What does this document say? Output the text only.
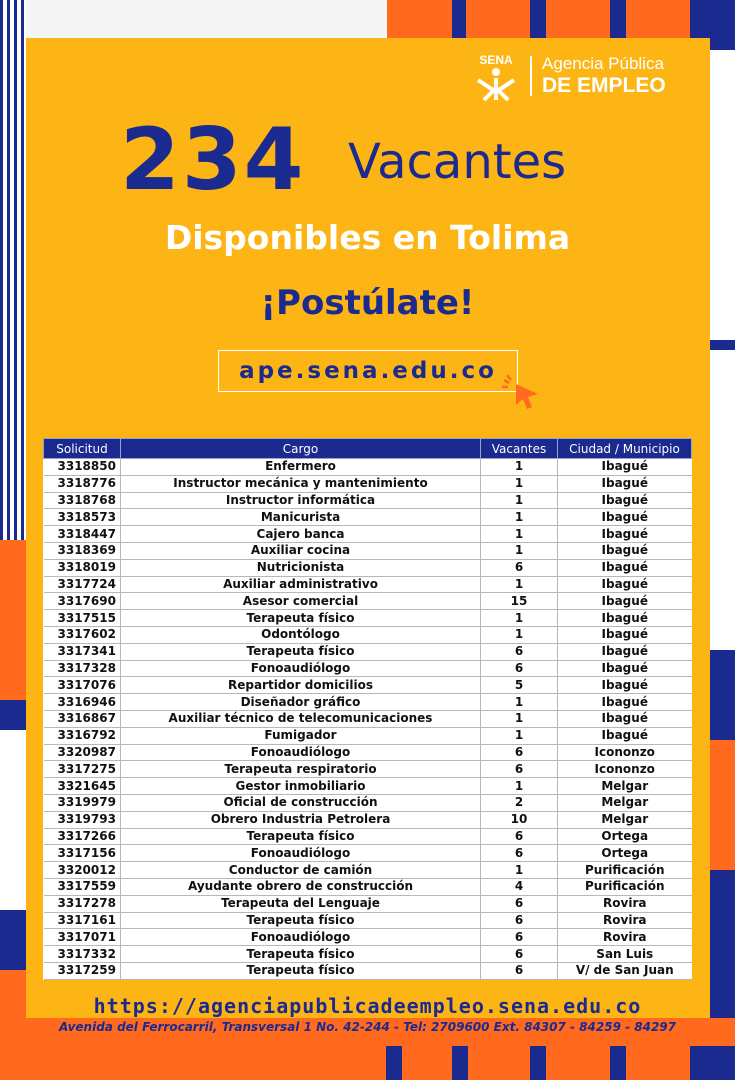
SENA Agencia Pública
DE EMPLEO
234 Vacantes
Disponibles en Tolima
¡Postúlate!
ape.sena.edu.co
Solicitud	Cargo	Vacantes	Ciudad / Municipio
3318850	Enfermero	1	Ibagué
3318776	Instructor mecánica y mantenimiento	1	Ibagué
3318768	Instructor informática	1	Ibagué
3318573	Manicurista	1	Ibagué
3318447	Cajero banca	1	Ibagué
3318369	Auxiliar cocina	1	Ibagué
3318019	Nutricionista	6	Ibagué
3317724	Auxiliar administrativo	1	Ibagué
3317690	Asesor comercial	15	Ibagué
3317515	Terapeuta físico	1	Ibagué
3317602	Odontólogo	1	Ibagué
3317341	Terapeuta físico	6	Ibagué
3317328	Fonoaudiólogo	6	Ibagué
3317076	Repartidor domicilios	5	Ibagué
3316946	Diseñador gráfico	1	Ibagué
3316867	Auxiliar técnico de telecomunicaciones	1	Ibagué
3316792	Fumigador	1	Ibagué
3320987	Fonoaudiólogo	6	Icononzo
3317275	Terapeuta respiratorio	6	Icononzo
3321645	Gestor inmobiliario	1	Melgar
3319979	Oficial de construcción	2	Melgar
3319793	Obrero Industria Petrolera	10	Melgar
3317266	Terapeuta físico	6	Ortega
3317156	Fonoaudiólogo	6	Ortega
3320012	Conductor de camión	1	Purificación
3317559	Ayudante obrero de construcción	4	Purificación
3317278	Terapeuta del Lenguaje	6	Rovira
3317161	Terapeuta físico	6	Rovira
3317071	Fonoaudiólogo	6	Rovira
3317332	Terapeuta físico	6	San Luis
3317259	Terapeuta físico	6	V/ de San Juan
https://agenciapublicadeempleo.sena.edu.co
Avenida del Ferrocarril, Transversal 1 No. 42-244 - Tel: 2709600 Ext. 84307 - 84259 - 84297
